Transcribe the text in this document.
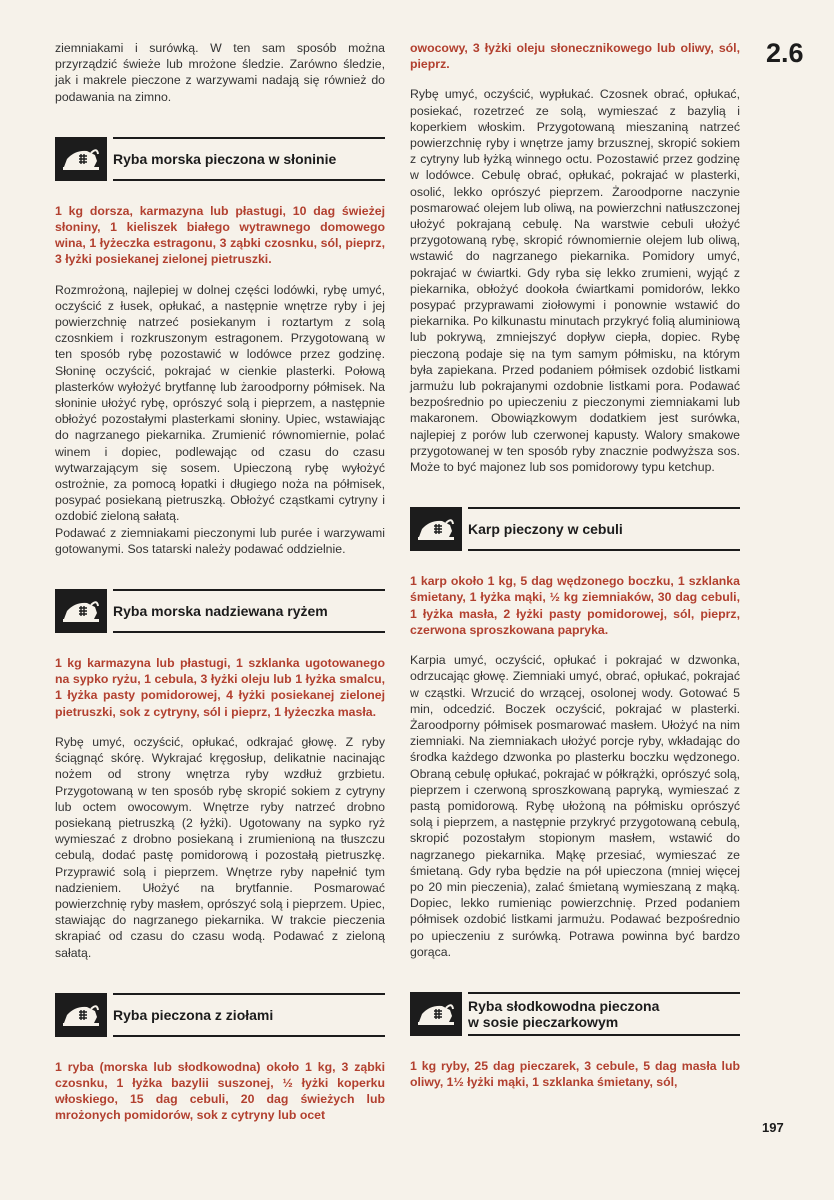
2.6
197

ziemniakami i surówką. W ten sam sposób można przyrządzić świeże lub mrożone śledzie. Zarówno śledzie, jak i makrele pieczone z warzywami nadają się również do podawania na zimno.

Ryba morska pieczona w słoninie

1 kg dorsza, karmazyna lub płastugi, 10 dag świeżej słoniny, 1 kieliszek białego wytrawnego domowego wina, 1 łyżeczka estragonu, 3 ząbki czosnku, sól, pieprz, 3 łyżki posiekanej zielonej pietruszki.

Rozmrożoną, najlepiej w dolnej części lodówki, rybę umyć, oczyścić z łusek, opłukać, a następnie wnętrze ryby i jej powierzchnię natrzeć posiekanym i roztartym z solą czosnkiem i rozkruszonym estragonem. Przygotowaną w ten sposób rybę pozostawić w lodówce przez godzinę. Słoninę oczyścić, pokrajać w cienkie plasterki. Połową plasterków wyłożyć brytfannę lub żaroodporny półmisek. Na słoninie ułożyć rybę, oprószyć solą i pieprzem, a następnie obłożyć pozostałymi plasterkami słoniny. Upiec, wstawiając do nagrzanego piekarnika. Zrumienić równomiernie, polać winem i dopiec, podlewając od czasu do czasu wytwarzającym się sosem. Upieczoną rybę wyłożyć ostrożnie, za pomocą łopatki i długiego noża na półmisek, posypać posiekaną pietruszką. Obłożyć cząstkami cytryny i ozdobić zieloną sałatą.

Podawać z ziemniakami pieczonymi lub purée i warzywami gotowanymi. Sos tatarski należy podawać oddzielnie.

Ryba morska nadziewana ryżem

1 kg karmazyna lub płastugi, 1 szklanka ugotowanego na sypko ryżu, 1 cebula, 3 łyżki oleju lub 1 łyżka smalcu, 1 łyżka pasty pomidorowej, 4 łyżki posiekanej zielonej pietruszki, sok z cytryny, sól i pieprz, 1 łyżeczka masła.

Rybę umyć, oczyścić, opłukać, odkrajać głowę. Z ryby ściągnąć skórę. Wykrajać kręgosłup, delikatnie nacinając nożem od strony wnętrza ryby wzdłuż grzbietu. Przygotowaną w ten sposób rybę skropić sokiem z cytryny lub octem owocowym. Wnętrze ryby natrzeć drobno posiekaną pietruszką (2 łyżki). Ugotowany na sypko ryż wymieszać z drobno posiekaną i zrumienioną na tłuszczu cebulą, dodać pastę pomidorową i pozostałą pietruszkę. Przyprawić solą i pieprzem. Wnętrze ryby napełnić tym nadzieniem. Ułożyć na brytfannie. Posmarować powierzchnię ryby masłem, oprószyć solą i pieprzem. Upiec, stawiając do nagrzanego piekarnika. W trakcie pieczenia skrapiać od czasu do czasu wodą. Podawać z zieloną sałatą.

Ryba pieczona z ziołami

1 ryba (morska lub słodkowodna) około 1 kg, 3 ząbki czosnku, 1 łyżka bazylii suszonej, ½ łyżki koperku włoskiego, 15 dag cebuli, 20 dag świeżych lub mrożonych pomidorów, sok z cytryny lub ocet

owocowy, 3 łyżki oleju słonecznikowego lub oliwy, sól, pieprz.

Rybę umyć, oczyścić, wypłukać. Czosnek obrać, opłukać, posiekać, rozetrzeć ze solą, wymieszać z bazylią i koperkiem włoskim. Przygotowaną mieszaniną natrzeć powierzchnię ryby i wnętrze jamy brzusznej, skropić sokiem z cytryny lub łyżką winnego octu. Pozostawić przez godzinę w lodówce. Cebulę obrać, opłukać, pokrajać w plasterki, osolić, lekko oprószyć pieprzem. Żaroodporne naczynie posmarować olejem lub oliwą, na powierzchni natłuszczonej ułożyć pokrajaną cebulę. Na warstwie cebuli ułożyć przygotowaną rybę, skropić równomiernie olejem lub oliwą, wstawić do nagrzanego piekarnika. Pomidory umyć, pokrajać w ćwiartki. Gdy ryba się lekko zrumieni, wyjąć z piekarnika, obłożyć dookoła ćwiartkami pomidorów, lekko posypać przyprawami ziołowymi i ponownie wstawić do piekarnika. Po kilkunastu minutach przykryć folią aluminiową lub pokrywą, zmniejszyć dopływ ciepła, dopiec. Rybę pieczoną podaje się na tym samym półmisku, na którym była zapiekana. Przed podaniem półmisek ozdobić listkami jarmużu lub pokrajanymi ozdobnie listkami pora. Podawać bezpośrednio po upieczeniu z pieczonymi ziemniakami lub makaronem. Obowiązkowym dodatkiem jest surówka, najlepiej z porów lub czerwonej kapusty. Walory smakowe przygotowanej w ten sposób ryby znacznie podwyższa sos. Może to być majonez lub sos pomidorowy typu ketchup.

Karp pieczony w cebuli

1 karp około 1 kg, 5 dag wędzonego boczku, 1 szklanka śmietany, 1 łyżka mąki, ½ kg ziemniaków, 30 dag cebuli, 1 łyżka masła, 2 łyżki pasty pomidorowej, sól, pieprz, czerwona sproszkowana papryka.

Karpia umyć, oczyścić, opłukać i pokrajać w dzwonka, odrzucając głowę. Ziemniaki umyć, obrać, opłukać, pokrajać w cząstki. Wrzucić do wrzącej, osolonej wody. Gotować 5 min, odcedzić. Boczek oczyścić, pokrajać w plasterki. Żaroodporny półmisek posmarować masłem. Ułożyć na nim ziemniaki. Na ziemniakach ułożyć porcje ryby, wkładając do środka każdego dzwonka po plasterku boczku wędzonego. Obraną cebulę opłukać, pokrajać w półkrążki, oprószyć solą, pieprzem i czerwoną sproszkowaną papryką, wymieszać z pastą pomidorową. Rybę ułożoną na półmisku oprószyć solą i pieprzem, a następnie przykryć przygotowaną cebulą, skropić pozostałym stopionym masłem, wstawić do nagrzanego piekarnika. Mąkę przesiać, wymieszać ze śmietaną. Gdy ryba będzie na pół upieczona (mniej więcej po 20 min pieczenia), zalać śmietaną wymieszaną z mąką. Dopiec, lekko rumieniąc powierzchnię. Przed podaniem półmisek ozdobić listkami jarmużu. Podawać bezpośrednio po upieczeniu z surówką. Potrawa powinna być bardzo gorąca.

Ryba słodkowodna pieczona
w sosie pieczarkowym

1 kg ryby, 25 dag pieczarek, 3 cebule, 5 dag masła lub oliwy, 1½ łyżki mąki, 1 szklanka śmietany, sól,
